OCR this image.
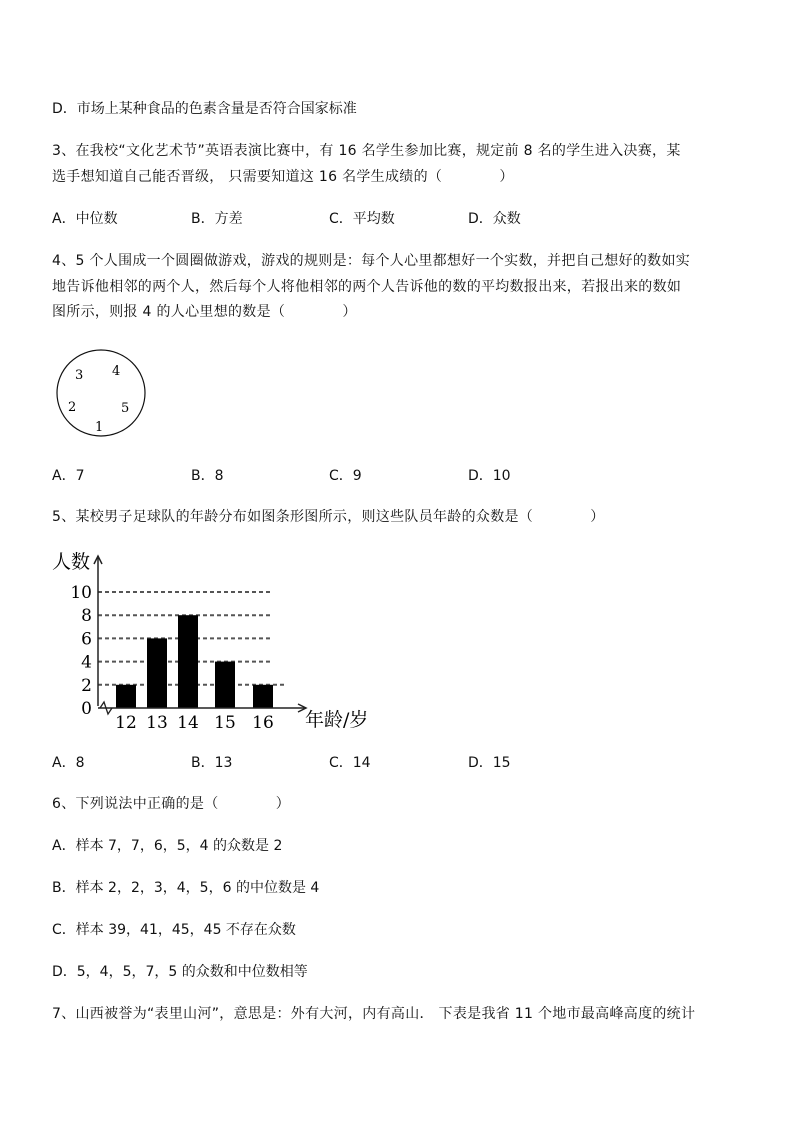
D．市场上某种食品的色素含量是否符合国家标准
3、在我校“文化艺术节”英语表演比赛中，有 16 名学生参加比赛，规定前 8 名的学生进入决赛，某
选手想知道自己能否晋级， 只需要知道这 16 名学生成绩的（　　　　）
A．中位数	B．方差	C．平均数	D．众数
4、5 个人围成一个圆圈做游戏，游戏的规则是：每个人心里都想好一个实数，并把自己想好的数如实
地告诉他相邻的两个人，然后每个人将他相邻的两个人告诉他的数的平均数报出来，若报出来的数如
图所示，则报 4 的人心里想的数是（　　　　）
3 4
2	5
1
A．7	B．8	C．9	D．10
5、某校男子足球队的年龄分布如图条形图所示，则这些队员年龄的众数是（　　　　）
人数
年龄/岁
0
2
4
6
8
10
12 13 14 15 16
A．8	B．13	C．14	D．15
6、下列说法中正确的是（　　　　）
A．样本 7，7，6，5，4 的众数是 2
B．样本 2，2，3，4，5，6 的中位数是 4
C．样本 39，41，45，45 不存在众数
D．5，4，5，7，5 的众数和中位数相等
7、山西被誉为“表里山河”，意思是：外有大河，内有高山． 下表是我省 11 个地市最高峰高度的统计
